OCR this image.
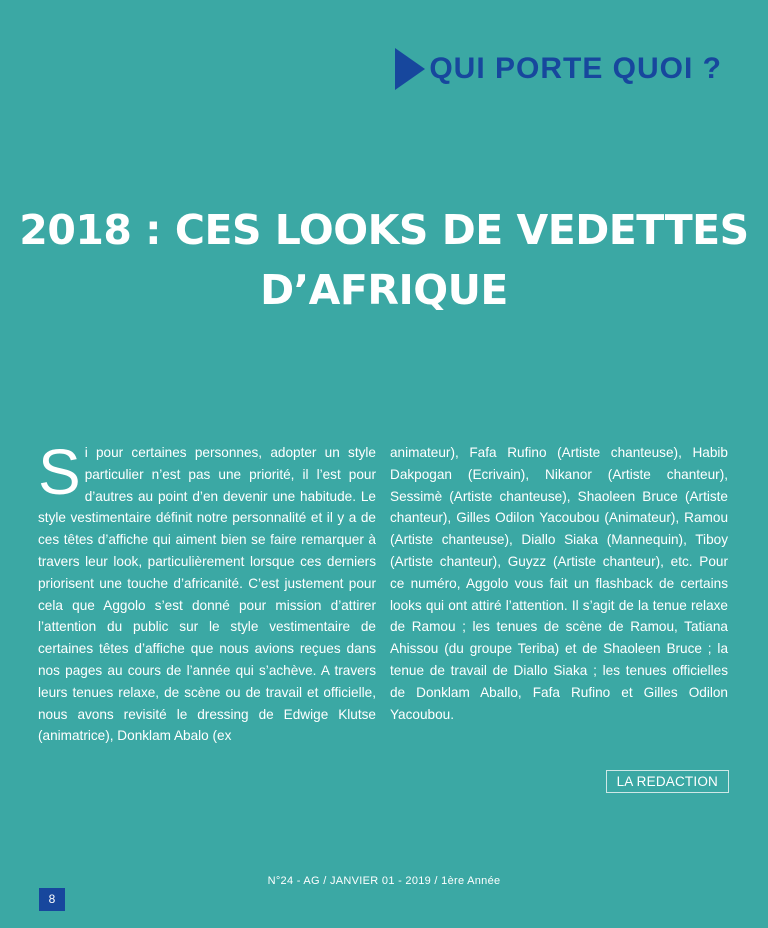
QUI PORTE QUOI ?
2018 : CES LOOKS DE VEDETTES
D’AFRIQUE

Si pour certaines personnes, adopter un style particulier n’est pas une priorité, il l’est pour d’autres au point d’en devenir une habitude. Le style vestimentaire définit notre personnalité et il y a de ces têtes d’affiche qui aiment bien se faire remarquer à travers leur look, particulièrement lorsque ces derniers priorisent une touche d’africanité. C’est justement pour cela que Aggolo s’est donné pour mission d’attirer l’attention du public sur le style vestimentaire de certaines têtes d’affiche que nous avions reçues dans nos pages au cours de l’année qui s’achève. A travers leurs tenues relaxe, de scène ou de travail et officielle, nous avons revisité le dressing de Edwige Klutse (animatrice), Donklam Abalo (ex

animateur), Fafa Rufino (Artiste chanteuse), Habib Dakpogan (Ecrivain), Nikanor (Artiste chanteur), Sessimè (Artiste chanteuse), Shaoleen Bruce (Artiste chanteur), Gilles Odilon Yacoubou (Animateur), Ramou (Artiste chanteuse), Diallo Siaka (Mannequin), Tiboy (Artiste chanteur), Guyzz (Artiste chanteur), etc. Pour ce numéro, Aggolo vous fait un flashback de certains looks qui ont attiré l’attention. Il s’agit de la tenue relaxe de Ramou ; les tenues de scène de Ramou, Tatiana Ahissou (du groupe Teriba) et de Shaoleen Bruce ; la tenue de travail de Diallo Siaka ; les tenues officielles de Donklam Aballo, Fafa Rufino et Gilles Odilon Yacoubou.

LA REDACTION
N°24 - AG / JANVIER 01 - 2019 / 1ère Année
8
